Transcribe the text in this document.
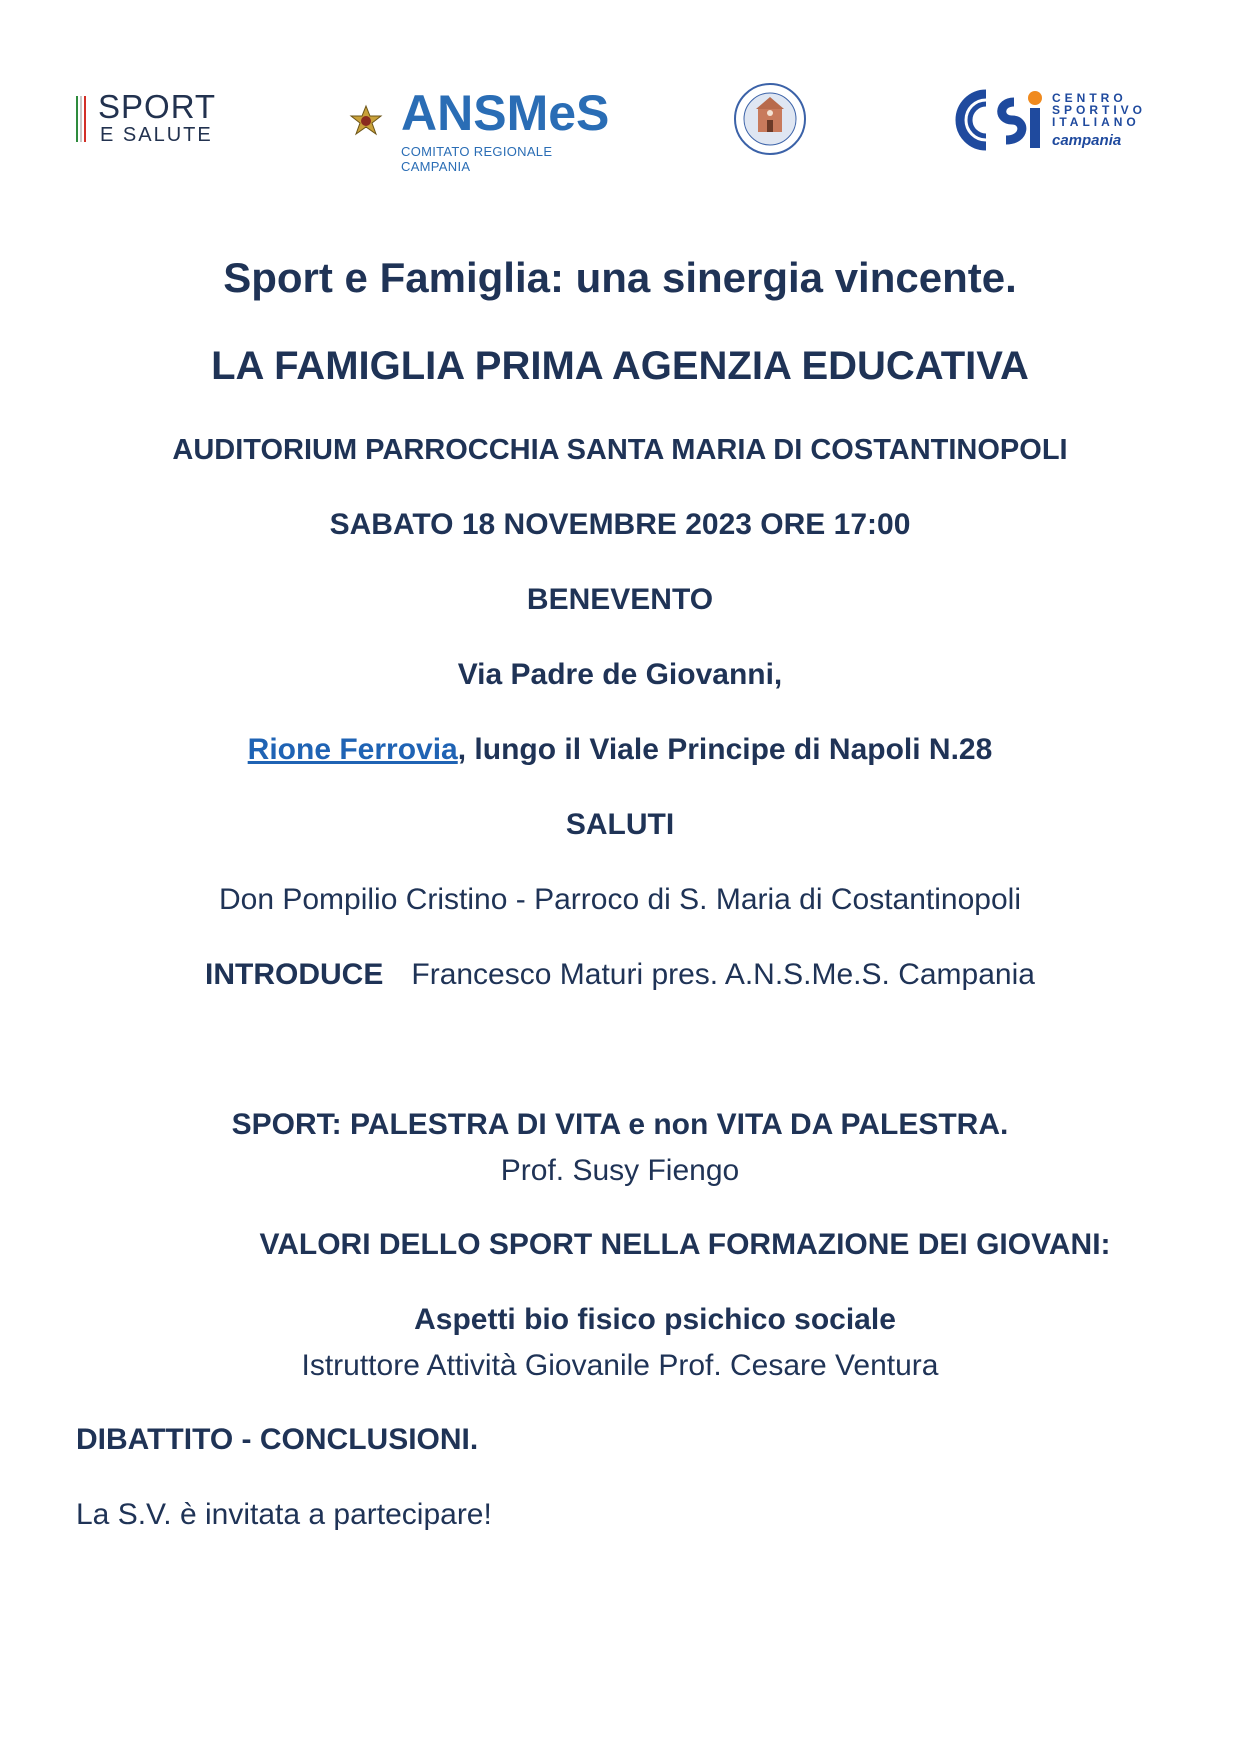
SPORT
E SALUTE	ANSMeS
COMITATO REGIONALE CAMPANIA
CENTRO
SPORTIVO
ITALIANO
campania
Sport e Famiglia: una sinergia vincente.
LA FAMIGLIA PRIMA AGENZIA EDUCATIVA
AUDITORIUM PARROCCHIA SANTA MARIA DI COSTANTINOPOLI
SABATO 18 NOVEMBRE 2023 ORE 17:00
BENEVENTO
Via Padre de Giovanni,
Rione Ferrovia, lungo il Viale Principe di Napoli N.28
SALUTI
Don Pompilio Cristino - Parroco di S. Maria di Costantinopoli
INTRODUCE Francesco Maturi pres. A.N.S.Me.S. Campania
SPORT: PALESTRA DI VITA e non VITA DA PALESTRA.
Prof. Susy Fiengo
VALORI DELLO SPORT NELLA FORMAZIONE DEI GIOVANI:
Aspetti bio fisico psichico sociale
Istruttore Attività Giovanile Prof. Cesare Ventura
DIBATTITO - CONCLUSIONI.
La S.V. è invitata a partecipare!
